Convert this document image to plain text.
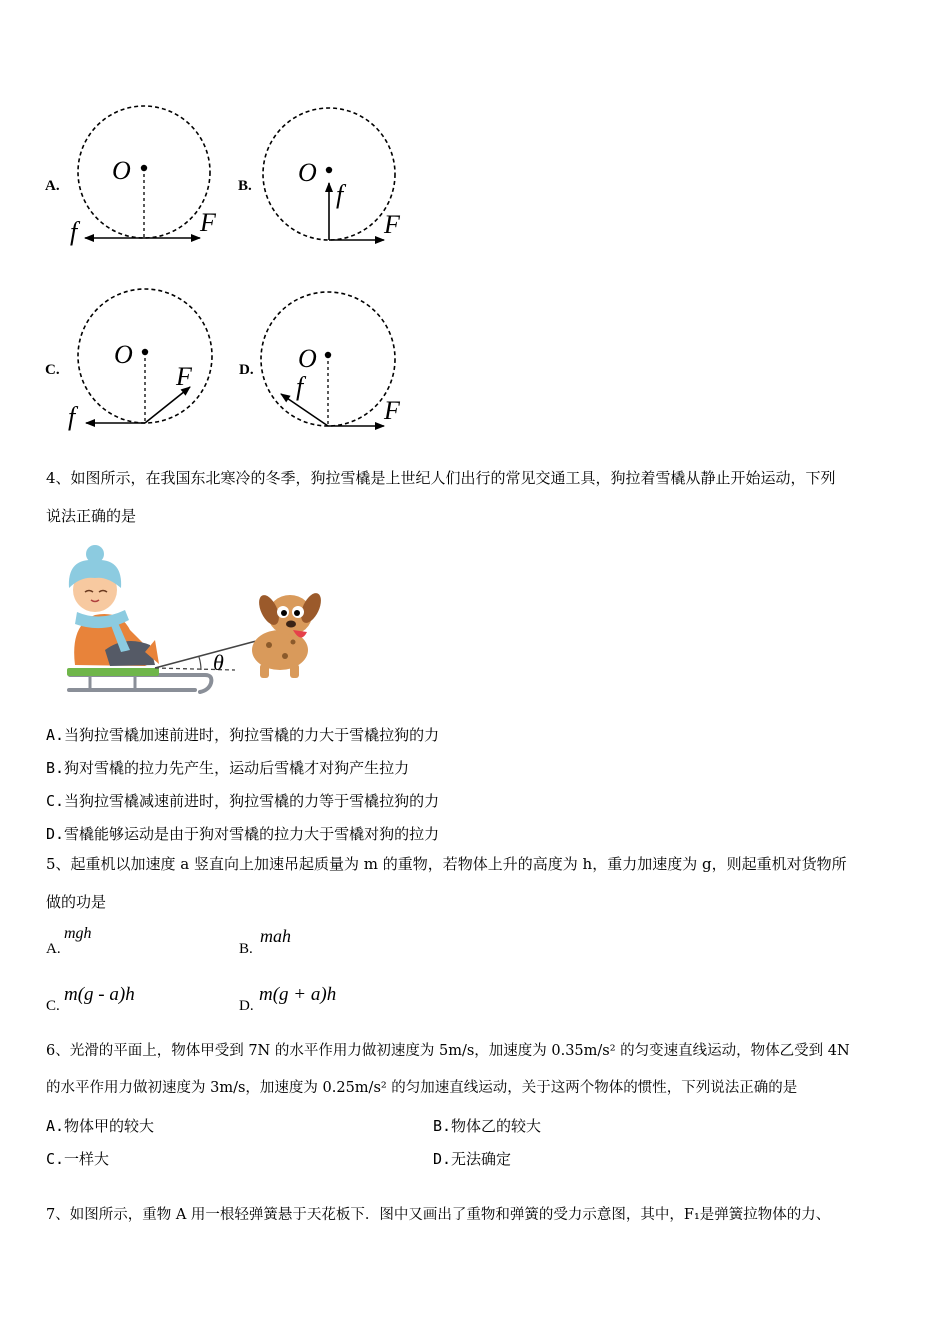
A.
O
f	F
B. O
f
F
C.
O
f
F	D. O
f
F
4、如图所示，在我国东北寒冷的冬季，狗拉雪橇是上世纪人们出行的常见交通工具，狗拉着雪橇从静止开始运动，下列
说法正确的是
θ
A.当狗拉雪橇加速前进时，狗拉雪橇的力大于雪橇拉狗的力
B.狗对雪橇的拉力先产生，运动后雪橇才对狗产生拉力
C.当狗拉雪橇减速前进时，狗拉雪橇的力等于雪橇拉狗的力
D.雪橇能够运动是由于狗对雪橇的拉力大于雪橇对狗的拉力
5、起重机以加速度 a 竖直向上加速吊起质量为 m 的重物，若物体上升的高度为 h，重力加速度为 g，则起重机对货物所
做的功是
A.
mgh
B.
mah
C.
m(g - a)h
D.
m(g + a)h
6、光滑的平面上，物体甲受到 7N 的水平作用力做初速度为 5m/s，加速度为 0.35m/s² 的匀变速直线运动，物体乙受到 4N
的水平作用力做初速度为 3m/s，加速度为 0.25m/s² 的匀加速直线运动，关于这两个物体的惯性，下列说法正确的是
A.物体甲的较大	B.物体乙的较大
C.一样大	D.无法确定
7、如图所示，重物 A 用一根轻弹簧悬于天花板下．图中又画出了重物和弹簧的受力示意图，其中，F₁是弹簧拉物体的力、
